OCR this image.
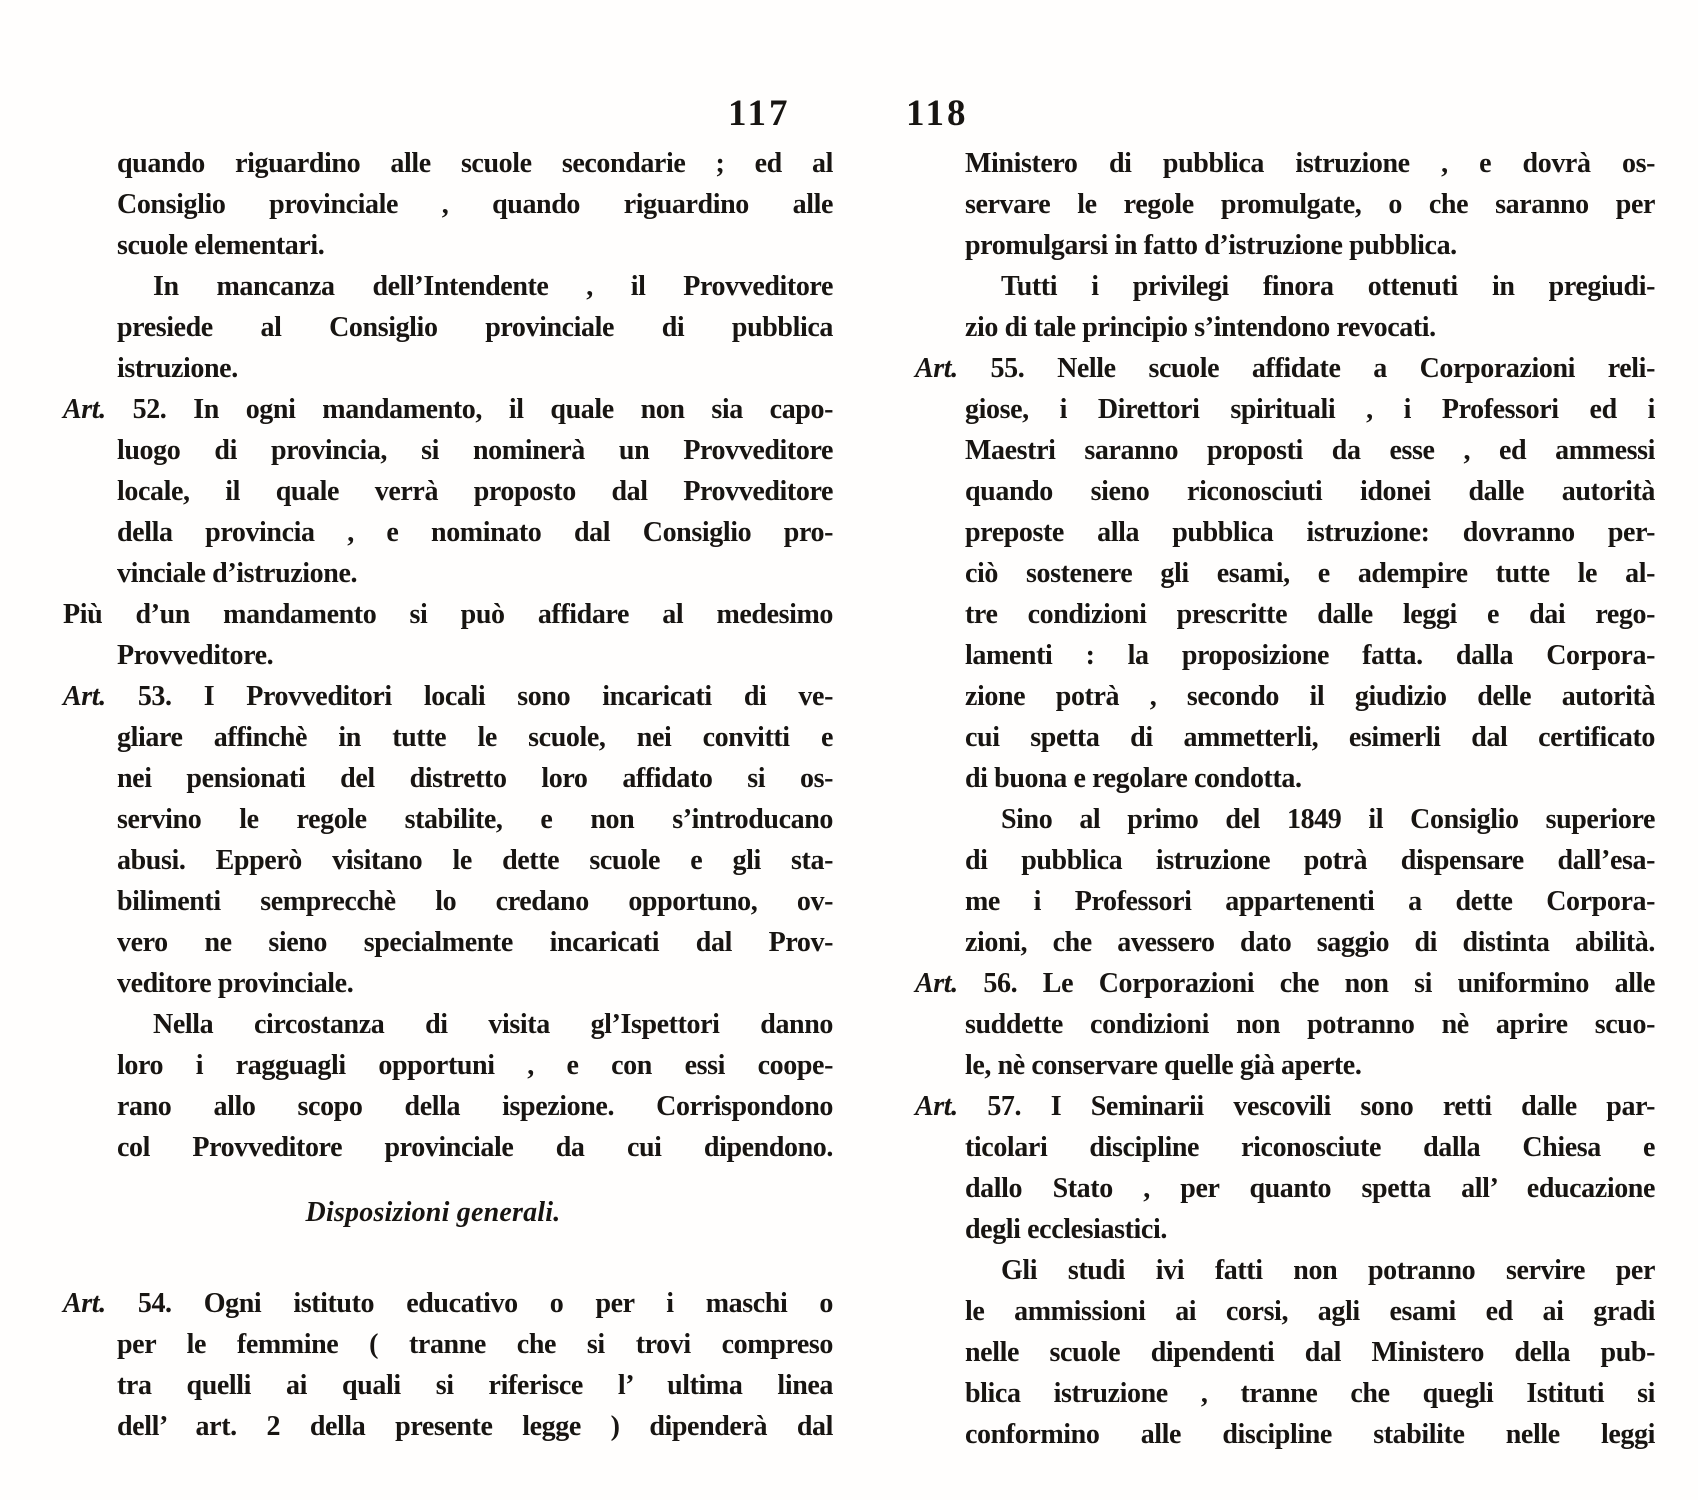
117	118
quando riguardino alle scuole secondarie ; ed al
Consiglio provinciale , quando riguardino alle
scuole elementari.
In mancanza dell’Intendente , il Provveditore
presiede al Consiglio provinciale di pubblica
istruzione.
Art. 52. In ogni mandamento, il quale non sia capo-
luogo di provincia, si nominerà un Provveditore
locale, il quale verrà proposto dal Provveditore
della provincia , e nominato dal Consiglio pro-
vinciale d’istruzione.
Più d’un mandamento si può affidare al medesimo
Provveditore.
Art. 53. I Provveditori locali sono incaricati di ve-
gliare affinchè in tutte le scuole, nei convitti e
nei pensionati del distretto loro affidato si os-
servino le regole stabilite, e non s’introducano
abusi. Epperò visitano le dette scuole e gli sta-
bilimenti semprecchè lo credano opportuno, ov-
vero ne sieno specialmente incaricati dal Prov-
veditore provinciale.
Nella circostanza di visita gl’Ispettori danno
loro i ragguagli opportuni , e con essi coope-
rano allo scopo della ispezione. Corrispondono
col Provveditore provinciale da cui dipendono.
Disposizioni generali.
Art. 54. Ogni istituto educativo o per i maschi o
per le femmine ( tranne che si trovi compreso
tra quelli ai quali si riferisce l’ ultima linea
dell’ art. 2 della presente legge ) dipenderà dal
Ministero di pubblica istruzione , e dovrà os-
servare le regole promulgate, o che saranno per
promulgarsi in fatto d’istruzione pubblica.
Tutti i privilegi finora ottenuti in pregiudi-
zio di tale principio s’intendono revocati.
Art. 55. Nelle scuole affidate a Corporazioni reli-
giose, i Direttori spirituali , i Professori ed i
Maestri saranno proposti da esse , ed ammessi
quando sieno riconosciuti idonei dalle autorità
preposte alla pubblica istruzione: dovranno per-
ciò sostenere gli esami, e adempire tutte le al-
tre condizioni prescritte dalle leggi e dai rego-
lamenti : la proposizione fatta. dalla Corpora-
zione potrà , secondo il giudizio delle autorità
cui spetta di ammetterli, esimerli dal certificato
di buona e regolare condotta.
Sino al primo del 1849 il Consiglio superiore
di pubblica istruzione potrà dispensare dall’esa-
me i Professori appartenenti a dette Corpora-
zioni, che avessero dato saggio di distinta abilità.
Art. 56. Le Corporazioni che non si uniformino alle
suddette condizioni non potranno nè aprire scuo-
le, nè conservare quelle già aperte.
Art. 57. I Seminarii vescovili sono retti dalle par-
ticolari discipline riconosciute dalla Chiesa e
dallo Stato , per quanto spetta all’ educazione
degli ecclesiastici.
Gli studi ivi fatti non potranno servire per
le ammissioni ai corsi, agli esami ed ai gradi
nelle scuole dipendenti dal Ministero della pub-
blica istruzione , tranne che quegli Istituti si
conformino alle discipline stabilite nelle leggi
